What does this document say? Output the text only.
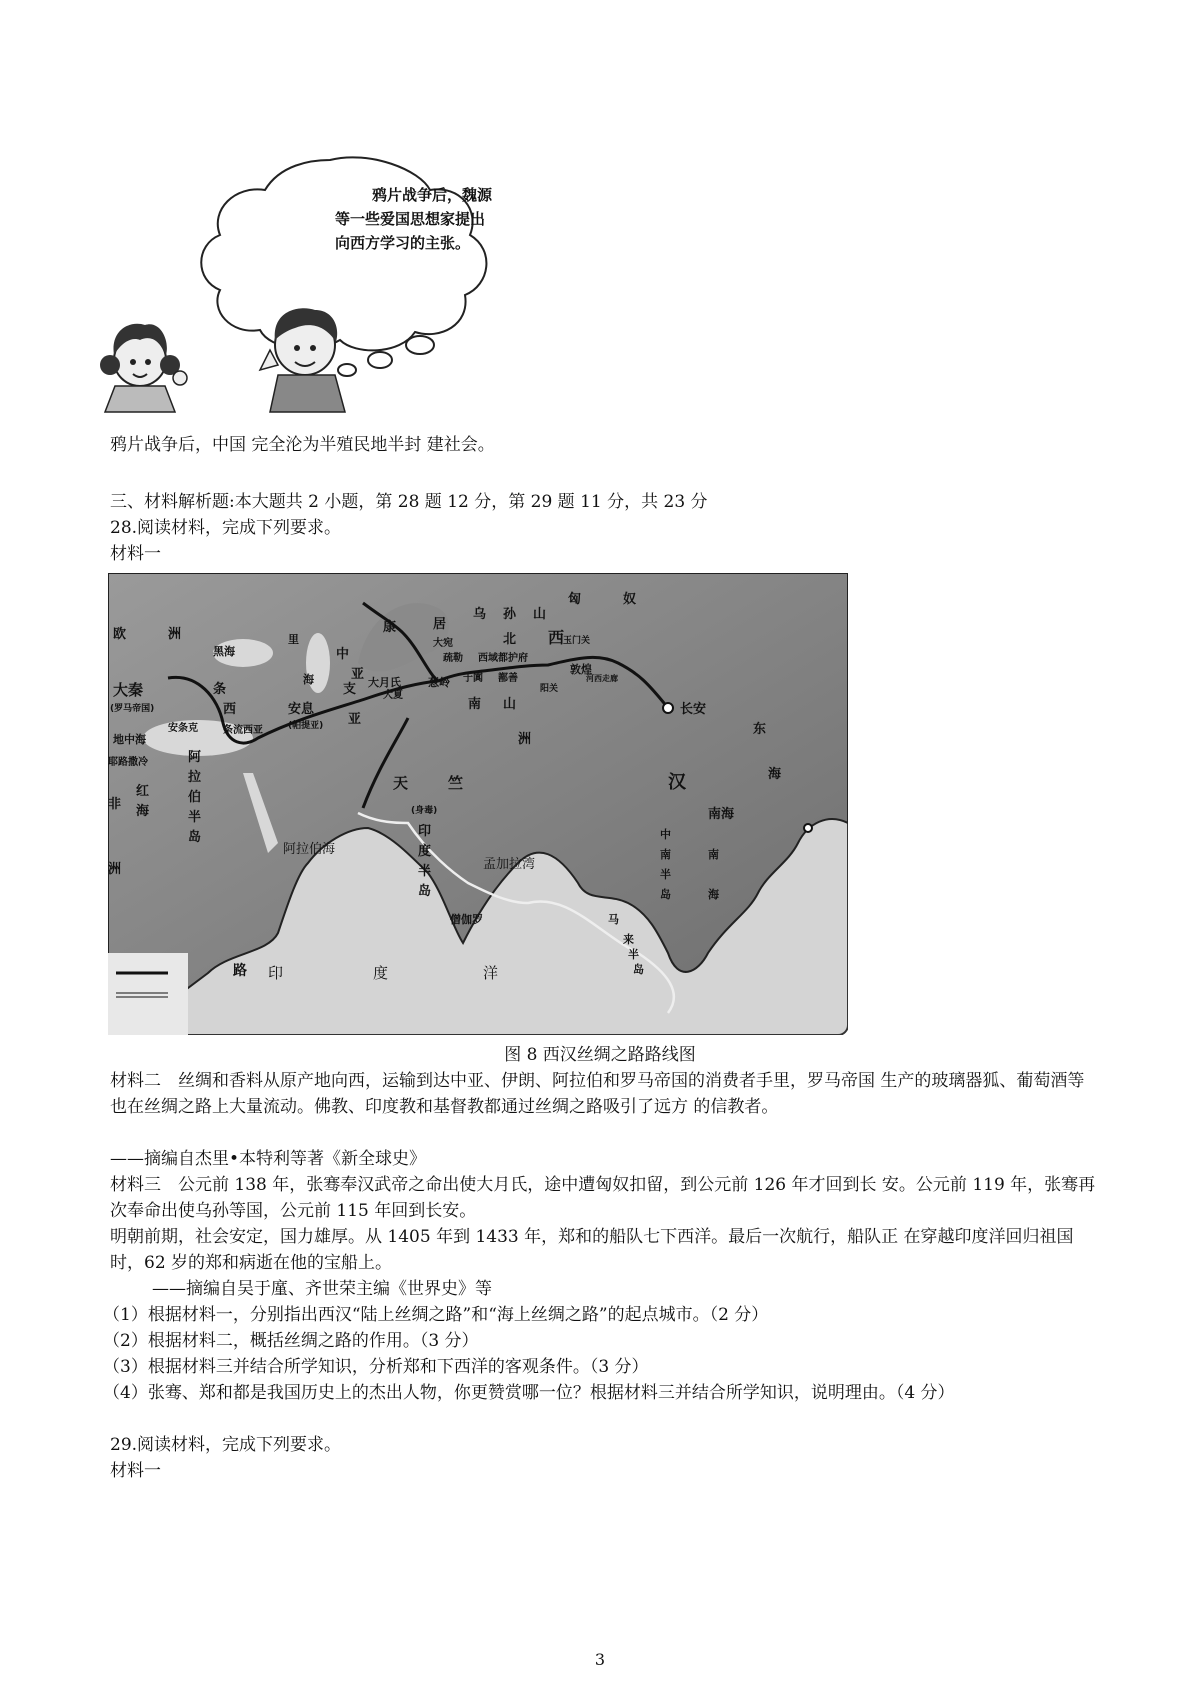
鸦片战争后，魏源
等一些爱国思想家提出
向西方学习的主张。
鸦片战争后，中国 完全沦为半殖民地半封 建社会。
三、材料解析题:本大题共 2 小题，第 28 题 12 分，第 29 题 11 分，共 23 分
28.阅读材料，完成下列要求。
材料一
匈	奴
乌 孙 山
西
玉门关
居
康
欧	洲
大秦
(罗马帝国)
黑海
里
海
中
亚
大宛
疏勒 西域都护府
北
大月氏 葱岭 于阗 鄯善
敦煌
阳关
河西走廊
长安
西	安息
(帕提亚)
条	支
南 山
亚
大夏
洲
地中海
安条克	条流西亚
耶路撒冷	阿
拉
伯
半
岛
红
海
非
洲
天	竺
(身毒)
印
度
半
岛
阿拉伯海
孟加拉湾
僧伽罗
印	度	洋
东
海
汉
南海
中
南
半
岛
南
海
马
来
半
岛
路
图 8 西汉丝绸之路路线图
材料二　丝绸和香料从原产地向西，运输到达中亚、伊朗、阿拉伯和罗马帝国的消费者手里，罗马帝国 生产的玻璃器狐、葡萄酒等也在丝绸之路上大量流动。佛教、印度教和基督教都通过丝绸之路吸引了远方 的信教者。
——摘编自杰里•本特利等著《新全球史》
材料三　公元前 138 年，张骞奉汉武帝之命出使大月氏，途中遭匈奴扣留，到公元前 126 年才回到长 安。公元前 119 年，张骞再次奉命出使乌孙等国，公元前 115 年回到长安。
明朝前期，社会安定，国力雄厚。从 1405 年到 1433 年，郑和的船队七下西洋。最后一次航行，船队正 在穿越印度洋回归祖国时，62 岁的郑和病逝在他的宝船上。
——摘编自吴于廑、齐世荣主编《世界史》等
（1）根据材料一，分别指出西汉“陆上丝绸之路”和“海上丝绸之路”的起点城市。（2 分）
（2）根据材料二，概括丝绸之路的作用。（3 分）
（3）根据材料三并结合所学知识，分析郑和下西洋的客观条件。（3 分）
（4）张骞、郑和都是我国历史上的杰出人物，你更赞赏哪一位？根据材料三并结合所学知识，说明理由。（4 分）
29.阅读材料，完成下列要求。
材料一
3
